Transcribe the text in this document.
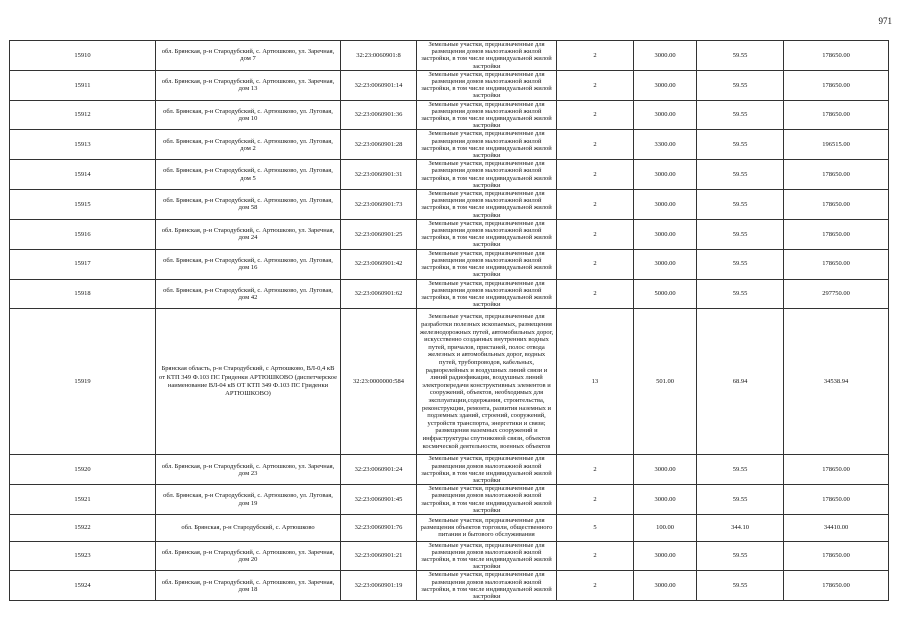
971
15910	обл. Брянская, р-н Стародубский, с. Артюшково, ул. Заречная, дом 7	32:23:0060901:8	Земельные участки, предназначенные для размещения домов малоэтажной жилой застройки, в том числе индивидуальной жилой застройки	2	3000.00	59.55	178650.00
15911	обл. Брянская, р-н Стародубский, с. Артюшково, ул. Заречная, дом 13	32:23:0060901:14	Земельные участки, предназначенные для размещения домов малоэтажной жилой застройки, в том числе индивидуальной жилой застройки	2	3000.00	59.55	178650.00
15912	обл. Брянская, р-н Стародубский, с. Артюшково, ул. Луговая, дом 10	32:23:0060901:36	Земельные участки, предназначенные для размещения домов малоэтажной жилой застройки, в том числе индивидуальной жилой застройки	2	3000.00	59.55	178650.00
15913	обл. Брянская, р-н Стародубский, с. Артюшково, ул. Луговая, дом 2	32:23:0060901:28	Земельные участки, предназначенные для размещения домов малоэтажной жилой застройки, в том числе индивидуальной жилой застройки	2	3300.00	59.55	196515.00
15914	обл. Брянская, р-н Стародубский, с. Артюшково, ул. Луговая, дом 5	32:23:0060901:31	Земельные участки, предназначенные для размещения домов малоэтажной жилой застройки, в том числе индивидуальной жилой застройки	2	3000.00	59.55	178650.00
15915	обл. Брянская, р-н Стародубский, с. Артюшково, ул. Луговая, дом 58	32:23:0060901:73	Земельные участки, предназначенные для размещения домов малоэтажной жилой застройки, в том числе индивидуальной жилой застройки	2	3000.00	59.55	178650.00
15916	обл. Брянская, р-н Стародубский, с. Артюшково, ул. Заречная, дом 24	32:23:0060901:25	Земельные участки, предназначенные для размещения домов малоэтажной жилой застройки, в том числе индивидуальной жилой застройки	2	3000.00	59.55	178650.00
15917	обл. Брянская, р-н Стародубский, с. Артюшково, ул. Луговая, дом 16	32:23:0060901:42	Земельные участки, предназначенные для размещения домов малоэтажной жилой застройки, в том числе индивидуальной жилой застройки	2	3000.00	59.55	178650.00
15918	обл. Брянская, р-н Стародубский, с. Артюшково, ул. Луговая, дом 42	32:23:0060901:62	Земельные участки, предназначенные для размещения домов малоэтажной жилой застройки, в том числе индивидуальной жилой застройки	2	5000.00	59.55	297750.00
15919	Брянская область, р-н Стародубский, с Артюшково, ВЛ-0,4 кВ от КТП 349 Ф.103 ПС Гриденки АРТЮШКОВО (диспетчерское наименование ВЛ-04 кВ ОТ КТП 349 Ф.103 ПС Гриденки АРТЮШКОВО)	32:23:0000000:584	Земельные участки, предназначенные для разработки полезных ископаемых, размещения железнодорожных путей, автомобильных дорог, искусственно созданных внутренних водных путей, причалов, пристаней, полос отвода железных и автомобильных дорог, водных путей, трубопроводов, кабельных, радиорелейных и воздушных линий связи и линий радиофикации, воздушных линий электропередачи конструктивных элементов и сооружений, объектов, необходимых для эксплуатации,содержания, строительства, реконструкции, ремонта, развития наземных и подземных зданий, строений, сооружений, устройств транспорта, энергетики и связи; размещения наземных сооружений и инфраструктуры спутниковой связи, объектов космической деятельности, военных объектов	13	501.00	68.94	34538.94
15920	обл. Брянская, р-н Стародубский, с. Артюшково, ул. Заречная, дом 23	32:23:0060901:24	Земельные участки, предназначенные для размещения домов малоэтажной жилой застройки, в том числе индивидуальной жилой застройки	2	3000.00	59.55	178650.00
15921	обл. Брянская, р-н Стародубский, с. Артюшково, ул. Луговая, дом 19	32:23:0060901:45	Земельные участки, предназначенные для размещения домов малоэтажной жилой застройки, в том числе индивидуальной жилой застройки	2	3000.00	59.55	178650.00
15922	обл. Брянская, р-н Стародубский, с. Артюшково	32:23:0060901:76	Земельные участки, предназначенные для размещения объектов торговли, общественного питания и бытового обслуживания	5	100.00	344.10	34410.00
15923	обл. Брянская, р-н Стародубский, с. Артюшково, ул. Заречная, дом 20	32:23:0060901:21	Земельные участки, предназначенные для размещения домов малоэтажной жилой застройки, в том числе индивидуальной жилой застройки	2	3000.00	59.55	178650.00
15924	обл. Брянская, р-н Стародубский, с. Артюшково, ул. Заречная, дом 18	32:23:0060901:19	Земельные участки, предназначенные для размещения домов малоэтажной жилой застройки, в том числе индивидуальной жилой застройки	2	3000.00	59.55	178650.00
